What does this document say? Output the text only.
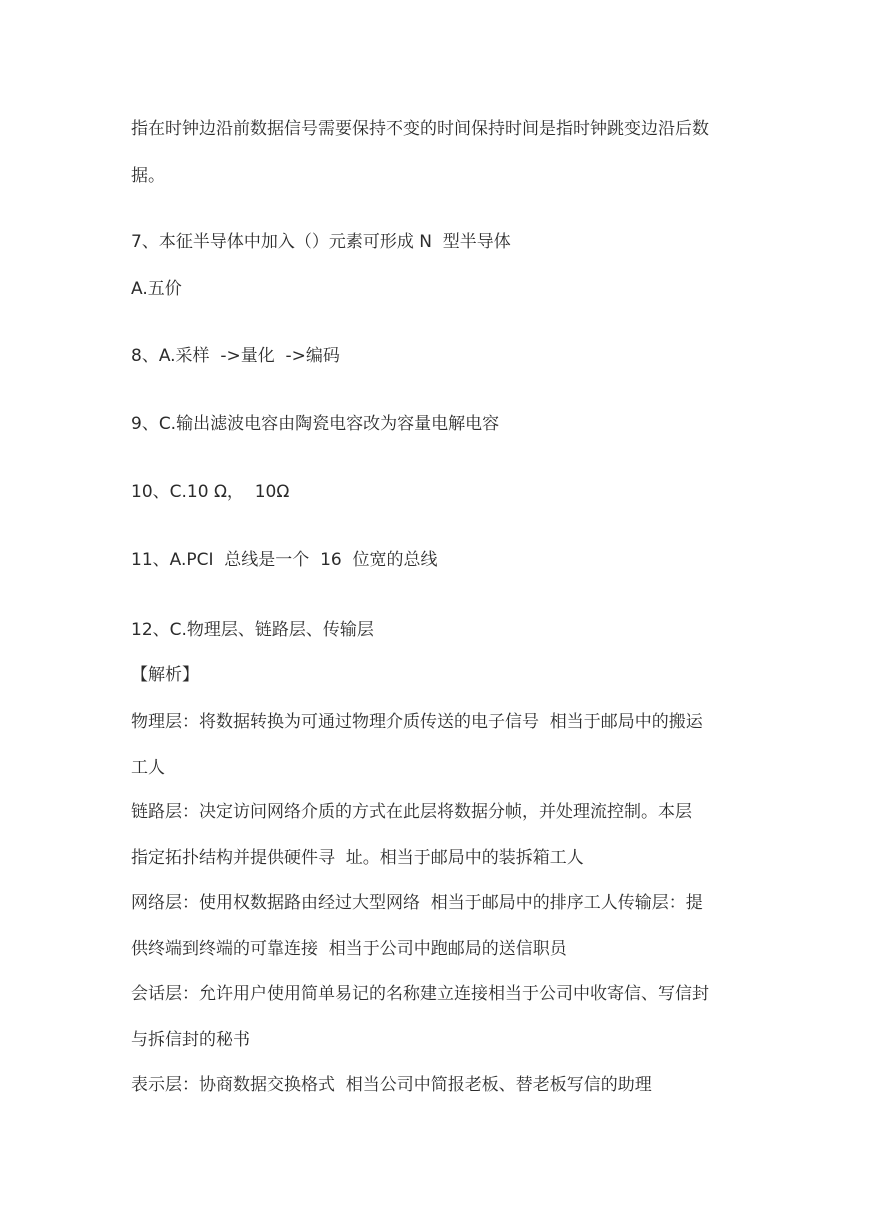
指在时钟边沿前数据信号需要保持不变的时间保持时间是指时钟跳变边沿后数
据。
7、本征半导体中加入（）元素可形成 N  型半导体
A.五价
8、A.采样  ->量化  ->编码
9、C.输出滤波电容由陶瓷电容改为容量电解电容
10、C.10 Ω，  10Ω
11、A.PCI  总线是一个  16  位宽的总线
12、C.物理层、链路层、传输层
【解析】
物理层：将数据转换为可通过物理介质传送的电子信号  相当于邮局中的搬运
工人
链路层：决定访问网络介质的方式在此层将数据分帧，并处理流控制。本层
指定拓扑结构并提供硬件寻  址。相当于邮局中的装拆箱工人
网络层：使用权数据路由经过大型网络  相当于邮局中的排序工人传输层：提
供终端到终端的可靠连接  相当于公司中跑邮局的送信职员
会话层：允许用户使用简单易记的名称建立连接相当于公司中收寄信、写信封
与拆信封的秘书
表示层：协商数据交换格式  相当公司中简报老板、替老板写信的助理
